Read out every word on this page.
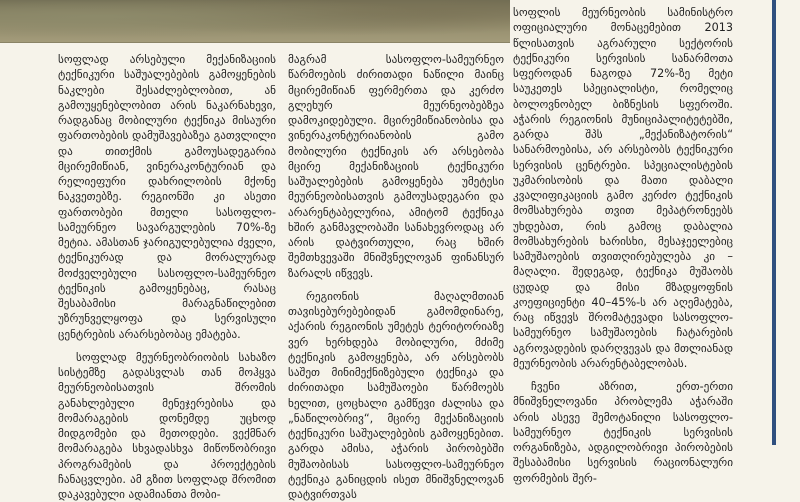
სოფლად არსებული მექანიზაციის ტექნიკური საშუალებების გამოყენების ნაკლები შესაძლებლობით, ან გამოუყენებლობით არის ნაკარნახევი, რადგანაც მობილური ტექნიკა მისაური ფართობების დამუშავებაზეა გათვლილი და თითქმის გამოუსადეგარია მცირემიწიან, ვინერაკონტურიან და რელიეფური დახრილობის მქონე ნაკვეთებზე. რეგიონში კი ასეთი ფართობები მთელი სასოფლო-სამეურნეო სავარგულების 70%-ზე მეტია. ამასთან ჯარიგულებულია ძველი, ტექნიკურად და მორალურად მოძველებული სასოფლო-სამეურნეო ტექნიკის გამოყენებაც, რასაც შესაბამისი მარაგნაწილებით უზრუნველყოფა და სერვისული ცენტრების არარსებობაც ემატება.

სოფლად მეურნეობრიობის სახაზო სისტემზე გადასვლას თან მოჰყვა მეურნეობისათვის შრომის განახლებული მენეჯერებისა და მომარაგების დონემდე უცხოდ მიდგომები და მეთოდები. ვექმნარ მომარაგება სხვადასხვა მიწოწობრივი პროგრამების და პროექტების ჩანაცვლები. ამ გზით სოფლად შრომით დაკავებული ადამიანთა მობი-

მაგრამ სასოფლო-სამეურნეო წარმოების ძირითადი ნაწილი მაინც მცირემიწიან ფერმერთა და კერძო გლეხურ მეურნეობებზეა დამოკიდებული. მცირემიწიანობისა და ვინერაკონტურიანობის გამო მობილური ტექნიკის არ არსებობა მცირე მექანიზაციის ტექნიკური საშუალებების გამოყენება უმეტესი მეურნეობისათვის გამოუსადეგარი და არარენტაბელურია, ამიტომ ტექნიკა ხშირ განმავლობაში სანახევროდაც არ არის დატვირთული, რაც ხშირ შემთხვევაში მნიშვნელოვან ფინანსურ ზარალს იწვევს.

რეგიონის მაღალმთიან თავისებურებებიდან გამომდინარე, აქარის რეგიონის უმეტეს ტერიტორიაზე ვერ ხერხდება მობილური, მძიმე ტექნიკის გამოყენება, არ არსებობს საშეთ მინიმექნიზებული ტექნიკა და ძირითადი სამუშაოები წარმოებს ხელით, ცოცხალი გამწევი ძალისა და „ნაწილობრივ“, მცირე მექანიზაციის ტექნიკური საშუალებების გამოყენებით. გარდა ამისა, აჭარის პირობებში მუშაობისას სასოფლო-სამეურნეო ტექნიკა განიცდის ისეთ მნიშვნელოვან დატვირთვას

სოფლის მეურნეობის სამინისტრო ოფიციალური მონაცემებით 2013 წლისათვის აგრარული სექტორის ტექნიკური სერვისის სანარმოთა სფეროდან ნაგოდა 72%-ზე მეტი საუკეთეს სპეციალისტი, რომელიც ბოლოვნობელ ბიზნესის სფეროში. აჭარის რეგიონის მუნიციპალიტეტებში, გარდა შპს „მექანიზატორის“ სანარმოებისა, არ არსებობს ტექნიკური სერვისის ცენტრები. სპეციალისტების უკმარისობის და მათი დაბალი კვალიფიკაციის გამო კერძო ტექნიკის მომსახურება თვით მეპატრონეებს უხდებათ, რის გამოც დაბალია მომსახურების ხარისხი, მესაჯეელებიც სამუშაოების თვითღირებულება კი – მაღალი. შედეგად, ტექნიკა მუშაობს ცუდად და მისი მზადყოფნის კოეფიციენტი 40–45%-ს არ აღემატება, რაც იწვევს შრომატევადი სასოფლო-სამეურნეო სამუშაოების ჩატარების აგროვადების დარღვევას და მთლიანად მეურნეობის არარენტაბელობას.

ჩვენი აზრით, ერთ-ერთი მნიშვნელოვანი პრობლემა აჭარაში არის ასევე შემოტანილი სასოფლო-სამეურნეო ტექნიკის სერვისის ორგანიზება, ადგილობრივი პირობების შესაბამისი სერვისის რაციონალური ფორმების შერ-
